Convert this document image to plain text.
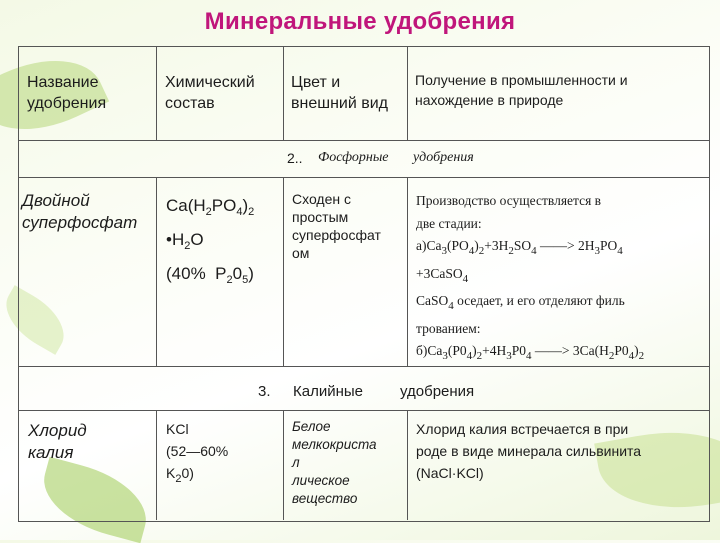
Минеральные удобрения
Название
удобрения
Химический
состав
Цвет и
внешний вид
Получение в промышленности и
нахождение в природе
2.. Фосфорные удобрения
Двойной
суперфосфат
$Ca(H_2PO_4)_2$
$•H_2O$
(40%  $P_20_5$)
Сходен с
простым
суперфосфат
ом
Производство осуществляется в
две стадии:
$а)Ca_3(PO_4)_2+3H_2SO_4$ ——> $2H_3PO_4$
+3CaSO$_4$
CaSO$_4$ оседает, и его отделяют филь
трованием:
$б)Ca_3(P0_4)_2+4H_3P0_4$ ——> $3Ca(H_2P0_4)_2$
3. Калийные удобрения
Хлорид
калия
KCl
(52—60%
$K_20$)
Белое
мелкокриста
л
лическое
вещество
Хлорид калия встречается в при
роде в виде минерала сильвинита
(NaCl·KCl)
